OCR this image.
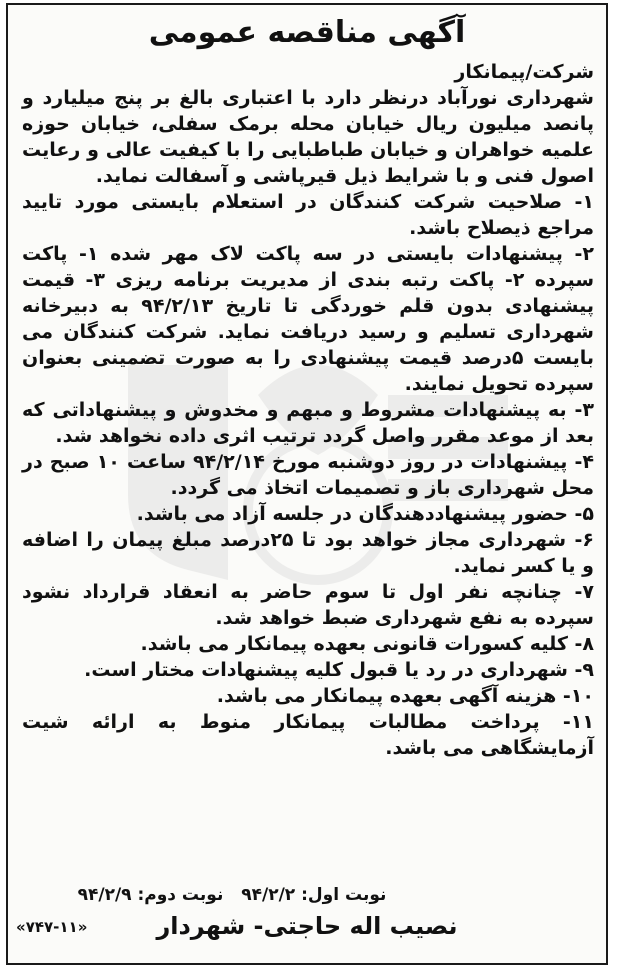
آگهی مناقصه عمومی

شرکت/پیمانکار

شهرداری نورآباد درنظر دارد با اعتباری بالغ بر پنج میلیارد و پانصد میلیون ریال خیابان محله برمک سفلی، خیابان حوزه علمیه خواهران و خیابان طباطبایی را با کیفیت عالی و رعایت اصول فنی و با شرایط ذیل قیرپاشی و آسفالت نماید.

۱- صلاحیت شرکت کنندگان در استعلام بایستی مورد تایید مراجع ذیصلاح باشد.

۲- پیشنهادات بایستی در سه پاکت لاک مهر شده ۱- پاکت سپرده ۲- پاکت رتبه بندی از مدیریت برنامه ریزی ۳- قیمت پیشنهادی بدون قلم خوردگی تا تاریخ ۹۴/۲/۱۳ به دبیرخانه شهرداری تسلیم و رسید دریافت نماید. شرکت کنندگان می بایست ۵درصد قیمت پیشنهادی را به صورت تضمینی بعنوان سپرده تحویل نمایند.

۳- به پیشنهادات مشروط و مبهم و مخدوش و پیشنهاداتی که بعد از موعد مقرر واصل گردد ترتیب اثری داده نخواهد شد.

۴- پیشنهادات در روز دوشنبه مورخ ۹۴/۲/۱۴ ساعت ۱۰ صبح در محل شهرداری باز و تصمیمات اتخاذ می گردد.

۵- حضور پیشنهاددهندگان در جلسه آزاد می باشد.

۶- شهرداری مجاز خواهد بود تا ۲۵درصد مبلغ پیمان را اضافه و یا کسر نماید.

۷- چنانچه نفر اول تا سوم حاضر به انعقاد قرارداد نشود سپرده به نفع شهرداری ضبط خواهد شد.

۸- کلیه کسورات قانونی بعهده پیمانکار می باشد.

۹- شهرداری در رد یا قبول کلیه پیشنهادات مختار است.

۱۰- هزینه آگهی بعهده پیمانکار می باشد.

۱۱- پرداخت مطالبات پیمانکار منوط به ارائه شیت آزمایشگاهی می باشد.

نوبت اول: ۹۴/۲/۲ نوبت دوم: ۹۴/۲/۹
نصیب اله حاجتی- شهردار
«۷۴۷-۱۱»
